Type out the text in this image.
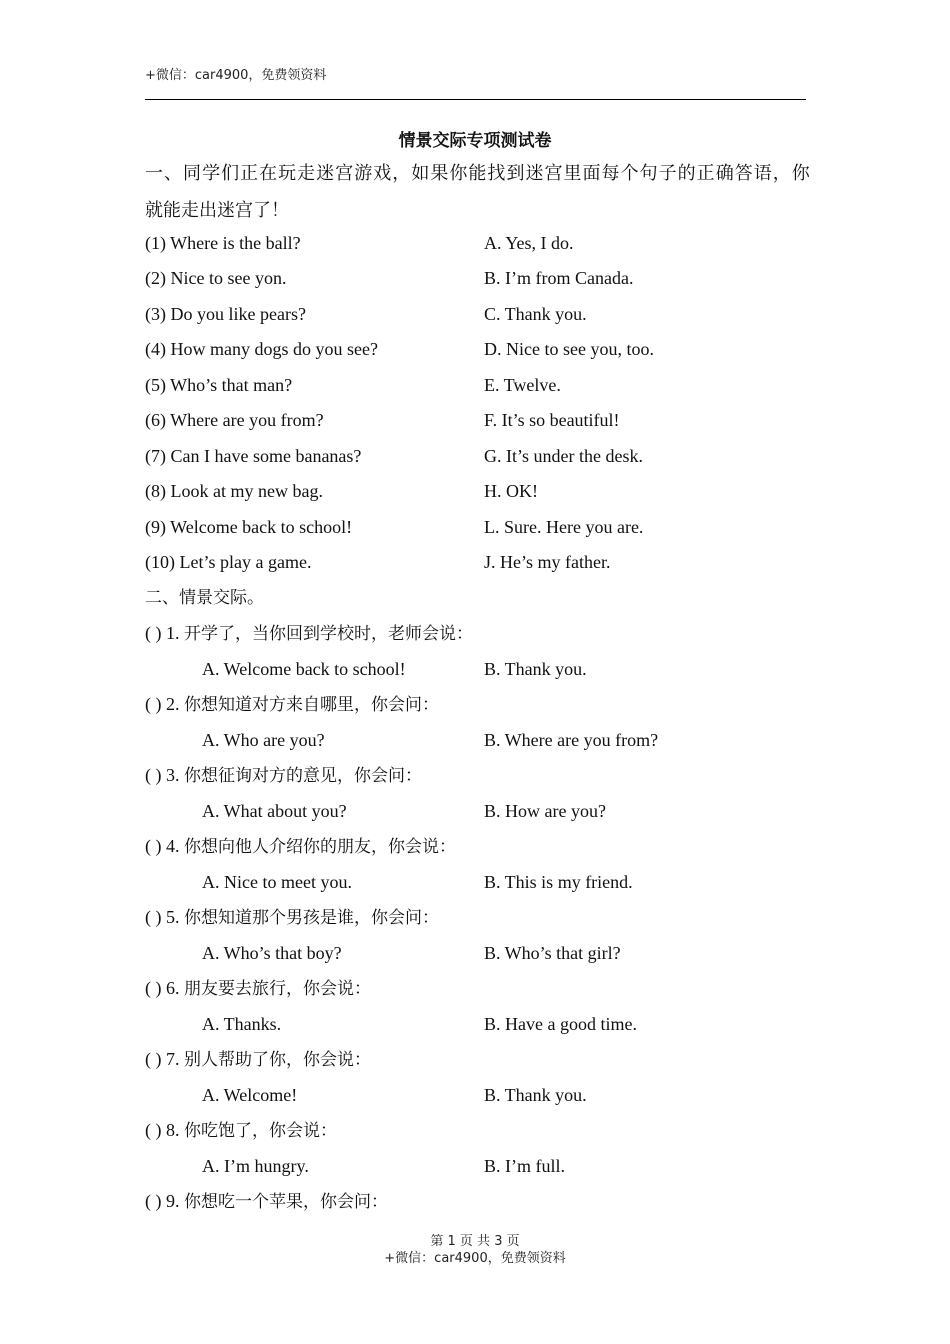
+微信：car4900，免费领资料
情景交际专项测试卷
一、同学们正在玩走迷宫游戏，如果你能找到迷宫里面每个句子的正确答语，你
就能走出迷宫了！
(1) Where is the ball?	A. Yes, I do.
(2) Nice to see yon.	B. I’m from Canada.
(3) Do you like pears?	C. Thank you.
(4) How many dogs do you see?	D. Nice to see you, too.
(5) Who’s that man?	E. Twelve.
(6) Where are you from?	F. It’s so beautiful!
(7) Can I have some bananas?	G. It’s under the desk.
(8) Look at my new bag.	H. OK!
(9) Welcome back to school!	L. Sure. Here you are.
(10) Let’s play a game.	J. He’s my father.
二、情景交际。
( ) 1. 开学了，当你回到学校时，老师会说：
A. Welcome back to school!	B. Thank you.
( ) 2. 你想知道对方来自哪里，你会问：
A. Who are you?	B. Where are you from?
( ) 3. 你想征询对方的意见，你会问：
A. What about you?	B. How are you?
( ) 4. 你想向他人介绍你的朋友，你会说：
A. Nice to meet you.	B. This is my friend.
( ) 5. 你想知道那个男孩是谁，你会问：
A. Who’s that boy?	B. Who’s that girl?
( ) 6. 朋友要去旅行，你会说：
A. Thanks.	B. Have a good time.
( ) 7. 别人帮助了你，你会说：
A. Welcome!	B. Thank you.
( ) 8. 你吃饱了，你会说：
A. I’m hungry.	B. I’m full.
( ) 9. 你想吃一个苹果，你会问：
第 1 页 共 3 页
+微信：car4900，免费领资料
